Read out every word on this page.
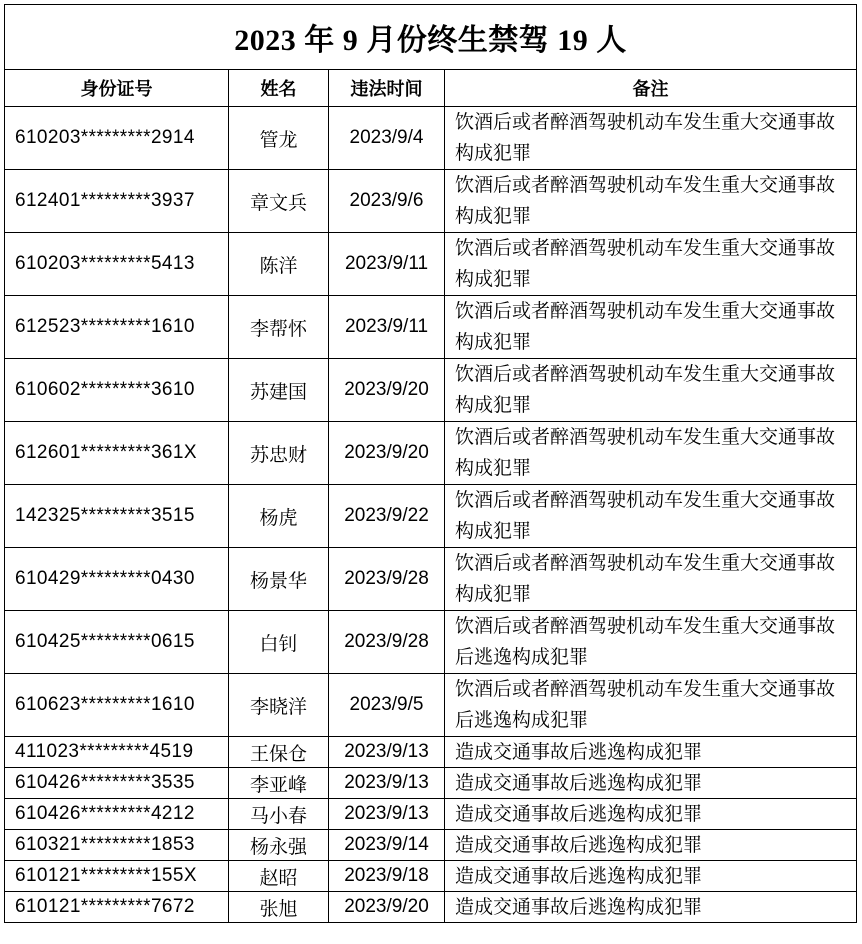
2023 年 9 月份终生禁驾 19 人			
身份证号	姓名	违法时间	备注
610203*********2914	管龙	2023/9/4	饮酒后或者醉酒驾驶机动车发生重大交通事故构成犯罪
612401*********3937	章文兵	2023/9/6	饮酒后或者醉酒驾驶机动车发生重大交通事故构成犯罪
610203*********5413	陈洋	2023/9/11	饮酒后或者醉酒驾驶机动车发生重大交通事故构成犯罪
612523*********1610	李帮怀	2023/9/11	饮酒后或者醉酒驾驶机动车发生重大交通事故构成犯罪
610602*********3610	苏建国	2023/9/20	饮酒后或者醉酒驾驶机动车发生重大交通事故构成犯罪
612601*********361X	苏忠财	2023/9/20	饮酒后或者醉酒驾驶机动车发生重大交通事故构成犯罪
142325*********3515	杨虎	2023/9/22	饮酒后或者醉酒驾驶机动车发生重大交通事故构成犯罪
610429*********0430	杨景华	2023/9/28	饮酒后或者醉酒驾驶机动车发生重大交通事故构成犯罪
610425*********0615	白钊	2023/9/28	饮酒后或者醉酒驾驶机动车发生重大交通事故后逃逸构成犯罪
610623*********1610	李晓洋	2023/9/5	饮酒后或者醉酒驾驶机动车发生重大交通事故后逃逸构成犯罪
411023*********4519	王保仓	2023/9/13	造成交通事故后逃逸构成犯罪
610426*********3535	李亚峰	2023/9/13	造成交通事故后逃逸构成犯罪
610426*********4212	马小春	2023/9/13	造成交通事故后逃逸构成犯罪
610321*********1853	杨永强	2023/9/14	造成交通事故后逃逸构成犯罪
610121*********155X	赵昭	2023/9/18	造成交通事故后逃逸构成犯罪
610121*********7672	张旭	2023/9/20	造成交通事故后逃逸构成犯罪
